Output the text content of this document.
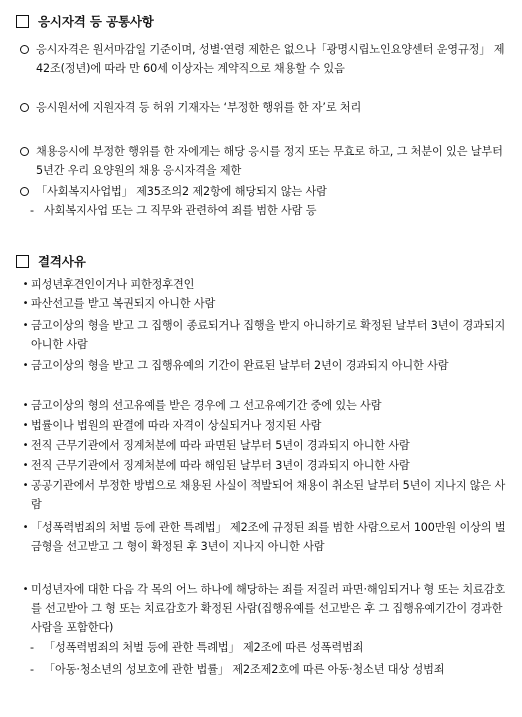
응시자격 등 공통사항
응시자격은 원서마감일 기준이며, 성별·연령 제한은 없으나「광명시립노인요양센터 운영규정」 제42조(정년)에 따라 만 60세 이상자는 계약직으로 채용할 수 있음
응시원서에 지원자격 등 허위 기재자는 ‘부정한 행위를 한 자’로 처리
채용응시에 부정한 행위를 한 자에게는 해당 응시를 정지 또는 무효로 하고, 그 처분이 있은 날부터 5년간 우리 요양원의 채용 응시자격을 제한
「사회복지사업법」 제35조의2 제2항에 해당되지 않는 사람
- 사회복지사업 또는 그 직무와 관련하여 죄를 범한 사람 등
결격사유
• 피성년후견인이거나 피한정후견인
• 파산선고를 받고 복권되지 아니한 사람
• 금고이상의 형을 받고 그 집행이 종료되거나 집행을 받지 아니하기로 확정된 날부터 3년이 경과되지 아니한 사람
• 금고이상의 형을 받고 그 집행유예의 기간이 완료된 날부터 2년이 경과되지 아니한 사람
• 금고이상의 형의 선고유예를 받은 경우에 그 선고유예기간 중에 있는 사람
• 법률이나 법원의 판결에 따라 자격이 상실되거나 정지된 사람
• 전직 근무기관에서 징계처분에 따라 파면된 날부터 5년이 경과되지 아니한 사람
• 전직 근무기관에서 징계처분에 따라 해임된 날부터 3년이 경과되지 아니한 사람
• 공공기관에서 부정한 방법으로 채용된 사실이 적발되어 채용이 취소된 날부터 5년이 지나지 않은 사람
• 「성폭력범죄의 처벌 등에 관한 특례법」 제2조에 규정된 죄를 범한 사람으로서 100만원 이상의 벌금형을 선고받고 그 형이 확정된 후 3년이 지나지 아니한 사람
• 미성년자에 대한 다음 각 목의 어느 하나에 해당하는 죄를 저질러 파면·해임되거나 형 또는 치료감호를 선고받아 그 형 또는 치료감호가 확정된 사람(집행유예를 선고받은 후 그 집행유예기간이 경과한 사람을 포함한다)
- 「성폭력범죄의 처벌 등에 관한 특례법」 제2조에 따른 성폭력범죄
- 「아동·청소년의 성보호에 관한 법률」 제2조제2호에 따른 아동·청소년 대상 성범죄
